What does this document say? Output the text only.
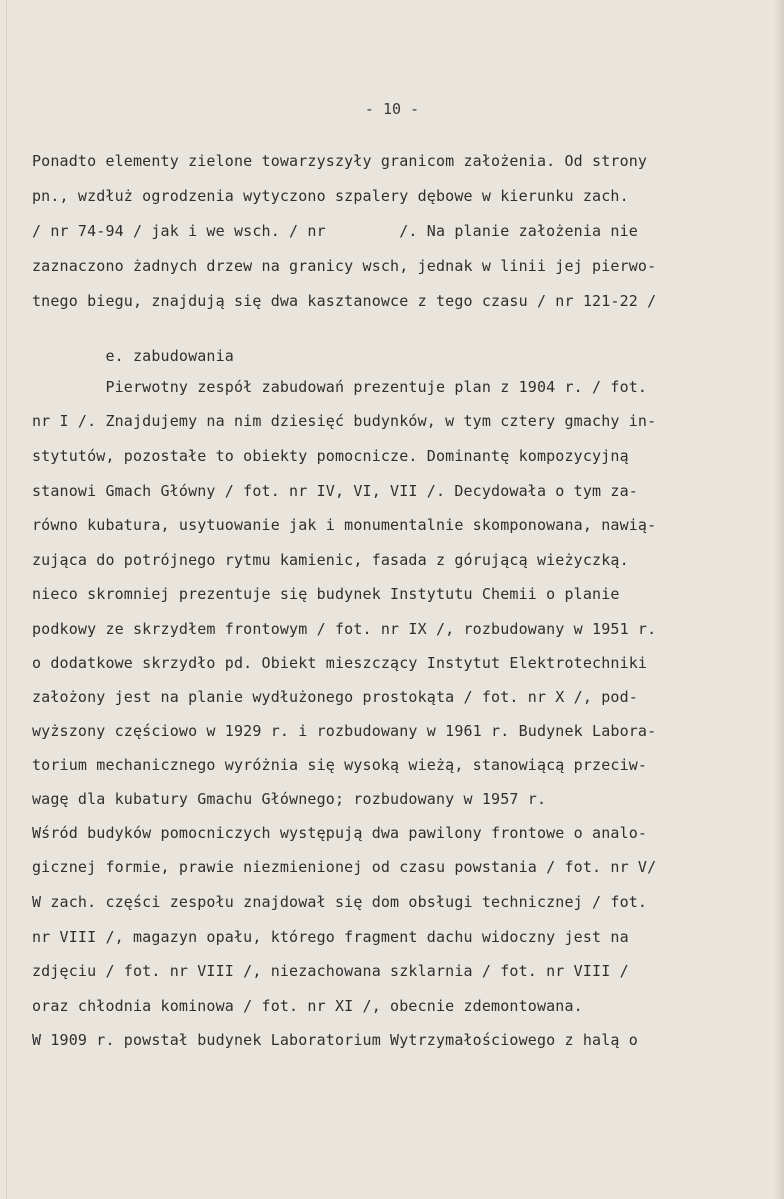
- 10 -
Ponadto elementy zielone towarzyszyły granicom założenia. Od strony
pn., wzdłuż ogrodzenia wytyczono szpalery dębowe w kierunku zach.
/ nr 74-94 / jak i we wsch. / nr        /. Na planie założenia nie
zaznaczono żadnych drzew na granicy wsch, jednak w linii jej pierwo-
tnego biegu, znajdują się dwa kasztanowce z tego czasu / nr 121-22 /
e. zabudowania
Pierwotny zespół zabudowań prezentuje plan z 1904 r. / fot.
nr I /. Znajdujemy na nim dziesięć budynków, w tym cztery gmachy in-
stytutów, pozostałe to obiekty pomocnicze. Dominantę kompozycyjną
stanowi Gmach Główny / fot. nr IV, VI, VII /. Decydowała o tym za-
równo kubatura, usytuowanie jak i monumentalnie skomponowana, nawią-
zująca do potrójnego rytmu kamienic, fasada z górującą wieżyczką.
nieco skromniej prezentuje się budynek Instytutu Chemii o planie
podkowy ze skrzydłem frontowym / fot. nr IX /, rozbudowany w 1951 r.
o dodatkowe skrzydło pd. Obiekt mieszczący Instytut Elektrotechniki
założony jest na planie wydłużonego prostokąta / fot. nr X /, pod-
wyższony częściowo w 1929 r. i rozbudowany w 1961 r. Budynek Labora-
torium mechanicznego wyróżnia się wysoką wieżą, stanowiącą przeciw-
wagę dla kubatury Gmachu Głównego; rozbudowany w 1957 r.
Wśród budyków pomocniczych występują dwa pawilony frontowe o analo-
gicznej formie, prawie niezmienionej od czasu powstania / fot. nr V/
W zach. części zespołu znajdował się dom obsługi technicznej / fot.
nr VIII /, magazyn opału, którego fragment dachu widoczny jest na
zdjęciu / fot. nr VIII /, niezachowana szklarnia / fot. nr VIII /
oraz chłodnia kominowa / fot. nr XI /, obecnie zdemontowana.
W 1909 r. powstał budynek Laboratorium Wytrzymałościowego z halą o
